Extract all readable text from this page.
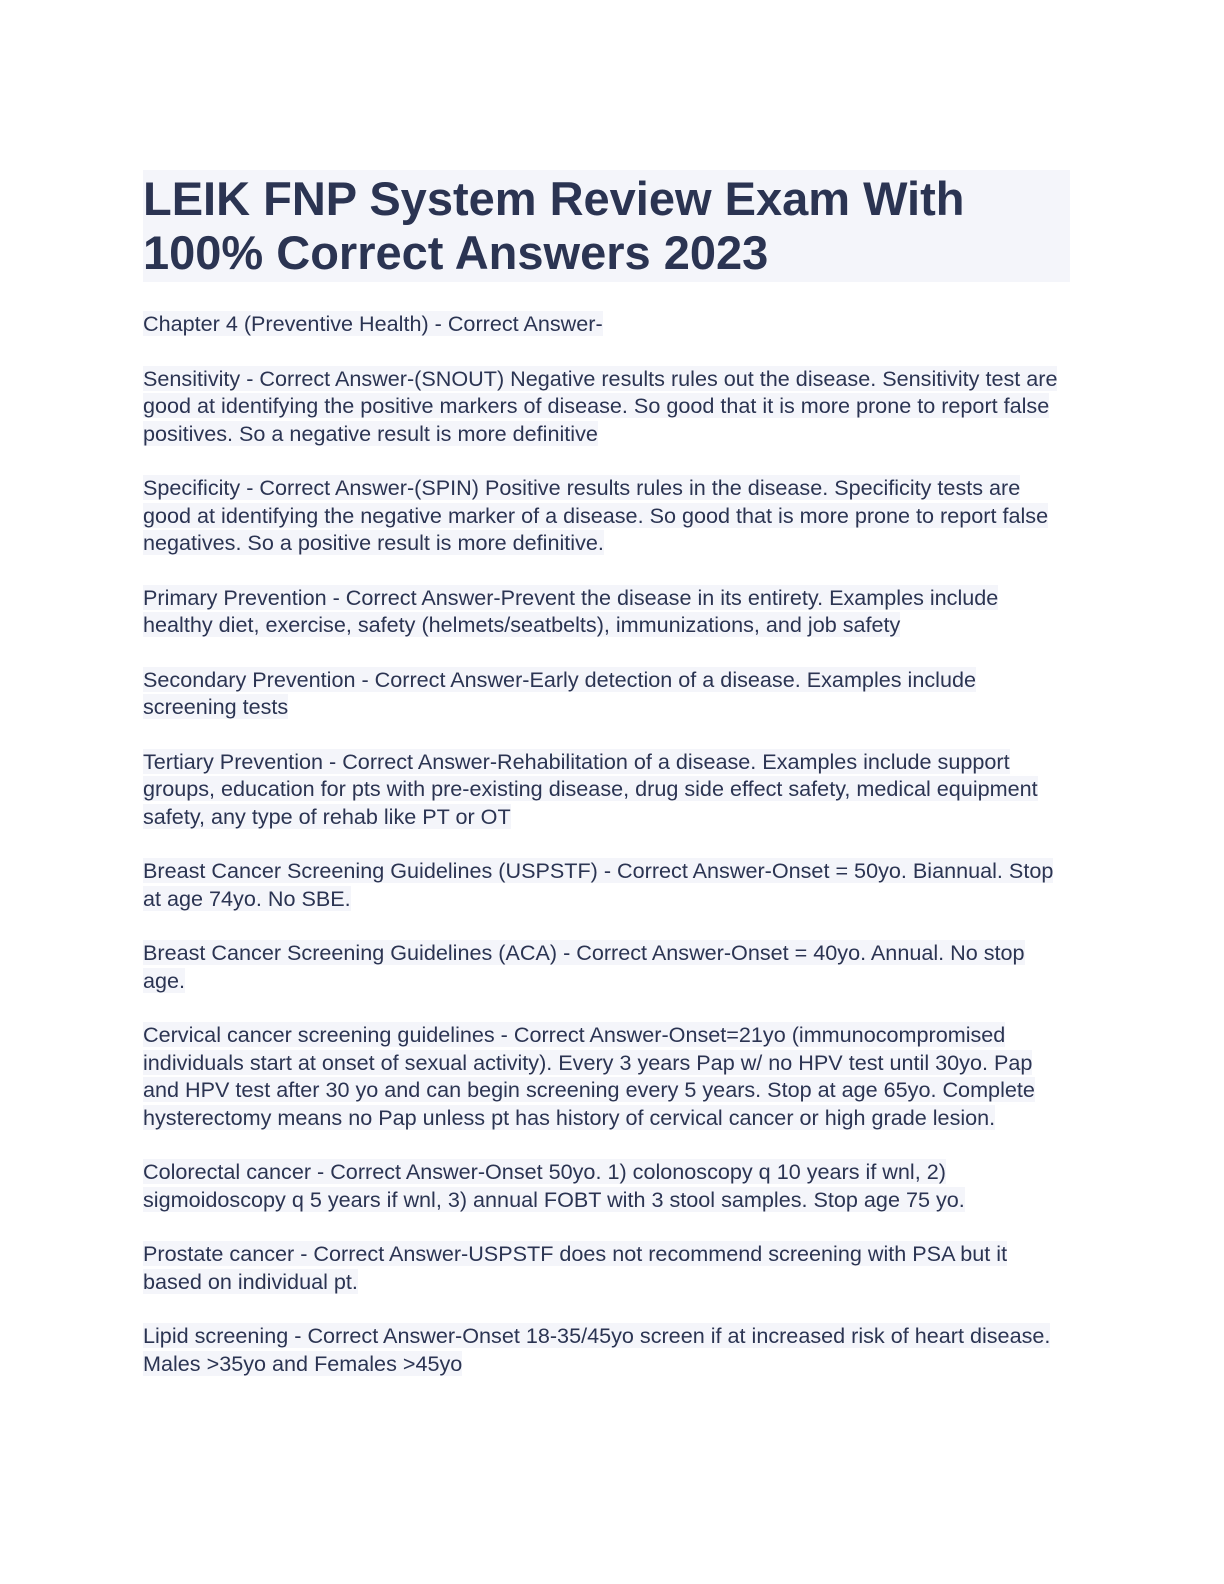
LEIK FNP System Review Exam With 100% Correct Answers 2023

Chapter 4 (Preventive Health) - Correct Answer-

Sensitivity - Correct Answer-(SNOUT) Negative results rules out the disease. Sensitivity test are good at identifying the positive markers of disease. So good that it is more prone to report false positives. So a negative result is more definitive

Specificity - Correct Answer-(SPIN) Positive results rules in the disease. Specificity tests are good at identifying the negative marker of a disease. So good that is more prone to report false negatives. So a positive result is more definitive.

Primary Prevention - Correct Answer-Prevent the disease in its entirety. Examples include healthy diet, exercise, safety (helmets/seatbelts), immunizations, and job safety

Secondary Prevention - Correct Answer-Early detection of a disease. Examples include screening tests

Tertiary Prevention - Correct Answer-Rehabilitation of a disease. Examples include support groups, education for pts with pre-existing disease, drug side effect safety, medical equipment safety, any type of rehab like PT or OT

Breast Cancer Screening Guidelines (USPSTF) - Correct Answer-Onset = 50yo. Biannual. Stop at age 74yo. No SBE.

Breast Cancer Screening Guidelines (ACA) - Correct Answer-Onset = 40yo. Annual. No stop age.

Cervical cancer screening guidelines - Correct Answer-Onset=21yo (immunocompromised individuals start at onset of sexual activity). Every 3 years Pap w/ no HPV test until 30yo. Pap and HPV test after 30 yo and can begin screening every 5 years. Stop at age 65yo. Complete hysterectomy means no Pap unless pt has history of cervical cancer or high grade lesion.

Colorectal cancer - Correct Answer-Onset 50yo. 1) colonoscopy q 10 years if wnl, 2) sigmoidoscopy q 5 years if wnl, 3) annual FOBT with 3 stool samples. Stop age 75 yo.

Prostate cancer - Correct Answer-USPSTF does not recommend screening with PSA but it based on individual pt.

Lipid screening - Correct Answer-Onset 18-35/45yo screen if at increased risk of heart disease. Males >35yo and Females >45yo
